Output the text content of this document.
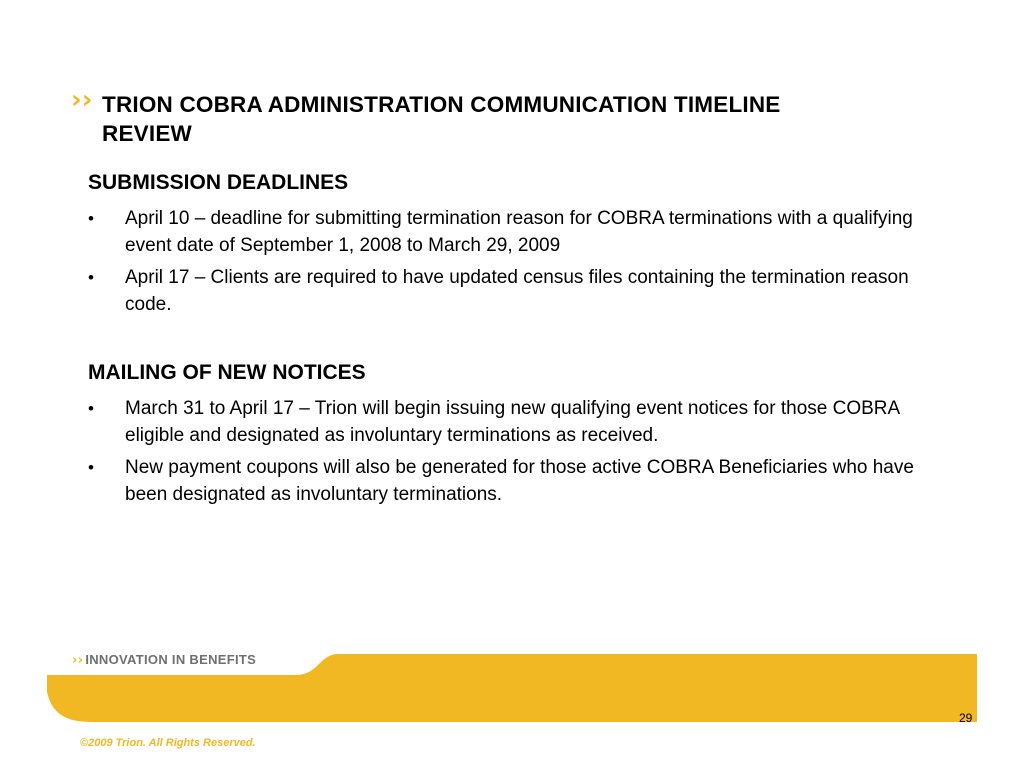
›› TRION COBRA ADMINISTRATION COMMUNICATION TIMELINE REVIEW
SUBMISSION DEADLINES
• April 10 – deadline for submitting termination reason for COBRA terminations with a qualifying event date of September 1, 2008 to March 29, 2009
• April 17 – Clients are required to have updated census files containing the termination reason code.
MAILING OF NEW NOTICES
• March 31 to April 17 – Trion will begin issuing new qualifying event notices for those COBRA eligible and designated as involuntary terminations as received.
• New payment coupons will also be generated for those active COBRA Beneficiaries who have been designated as involuntary terminations.
›› INNOVATION IN BENEFITS
›› 29
©2009 Trion. All Rights Reserved.
